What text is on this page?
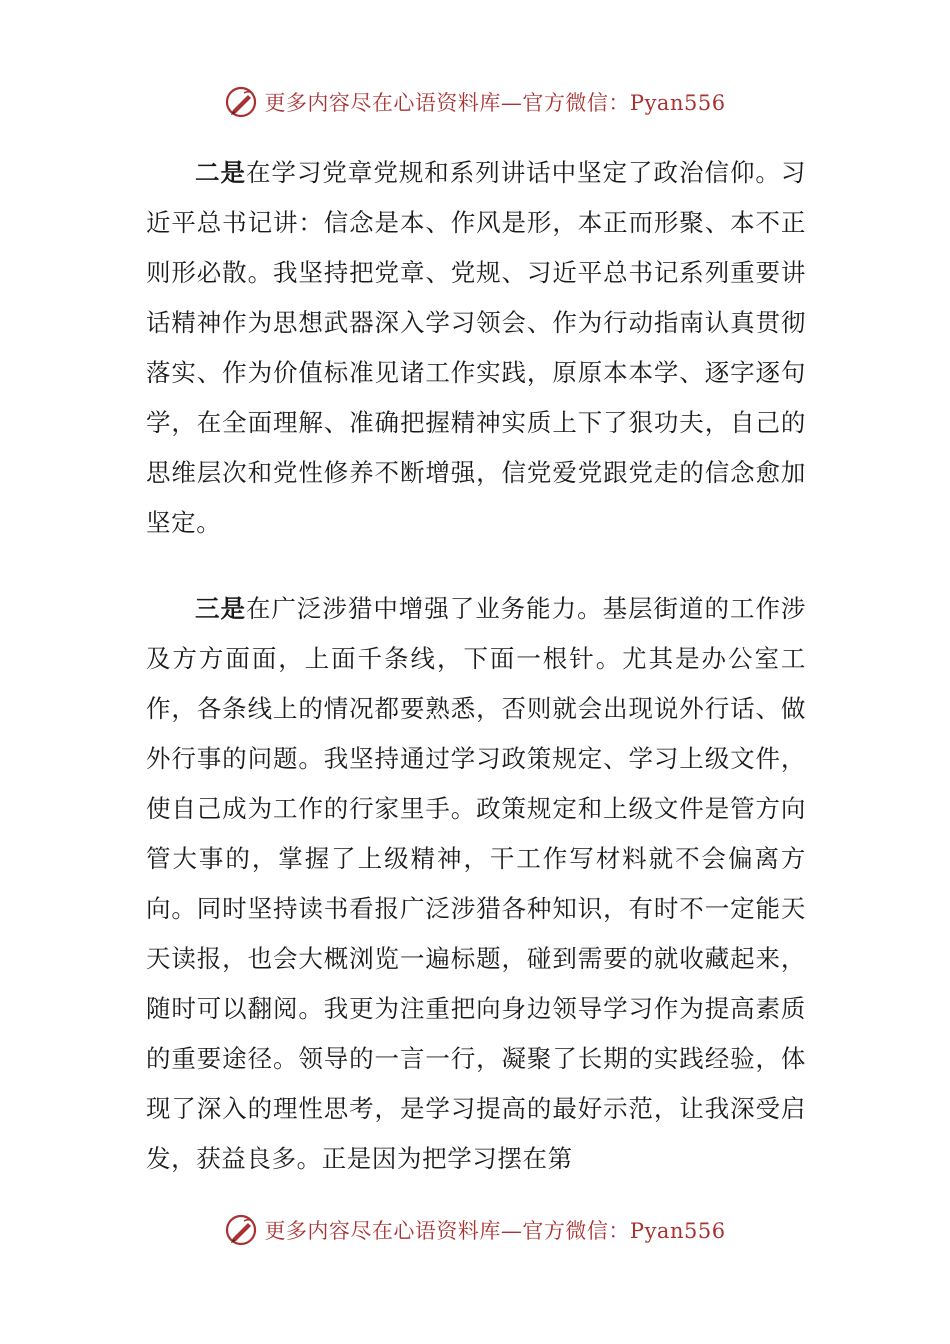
更多内容尽在心语资料库—官方微信：Pyan556

二是在学习党章党规和系列讲话中坚定了政治信仰。习近平总书记讲：信念是本、作风是形，本正而形聚、本不正则形必散。我坚持把党章、党规、习近平总书记系列重要讲话精神作为思想武器深入学习领会、作为行动指南认真贯彻落实、作为价值标准见诸工作实践，原原本本学、逐字逐句学，在全面理解、准确把握精神实质上下了狠功夫，自己的思维层次和党性修养不断增强，信党爱党跟党走的信念愈加坚定。

三是在广泛涉猎中增强了业务能力。基层街道的工作涉及方方面面，上面千条线，下面一根针。尤其是办公室工作，各条线上的情况都要熟悉，否则就会出现说外行话、做外行事的问题。我坚持通过学习政策规定、学习上级文件，使自己成为工作的行家里手。政策规定和上级文件是管方向管大事的，掌握了上级精神，干工作写材料就不会偏离方向。同时坚持读书看报广泛涉猎各种知识，有时不一定能天天读报，也会大概浏览一遍标题，碰到需要的就收藏起来，随时可以翻阅。我更为注重把向身边领导学习作为提高素质的重要途径。领导的一言一行，凝聚了长期的实践经验，体现了深入的理性思考，是学习提高的最好示范，让我深受启发，获益良多。正是因为把学习摆在第

更多内容尽在心语资料库—官方微信：Pyan556
